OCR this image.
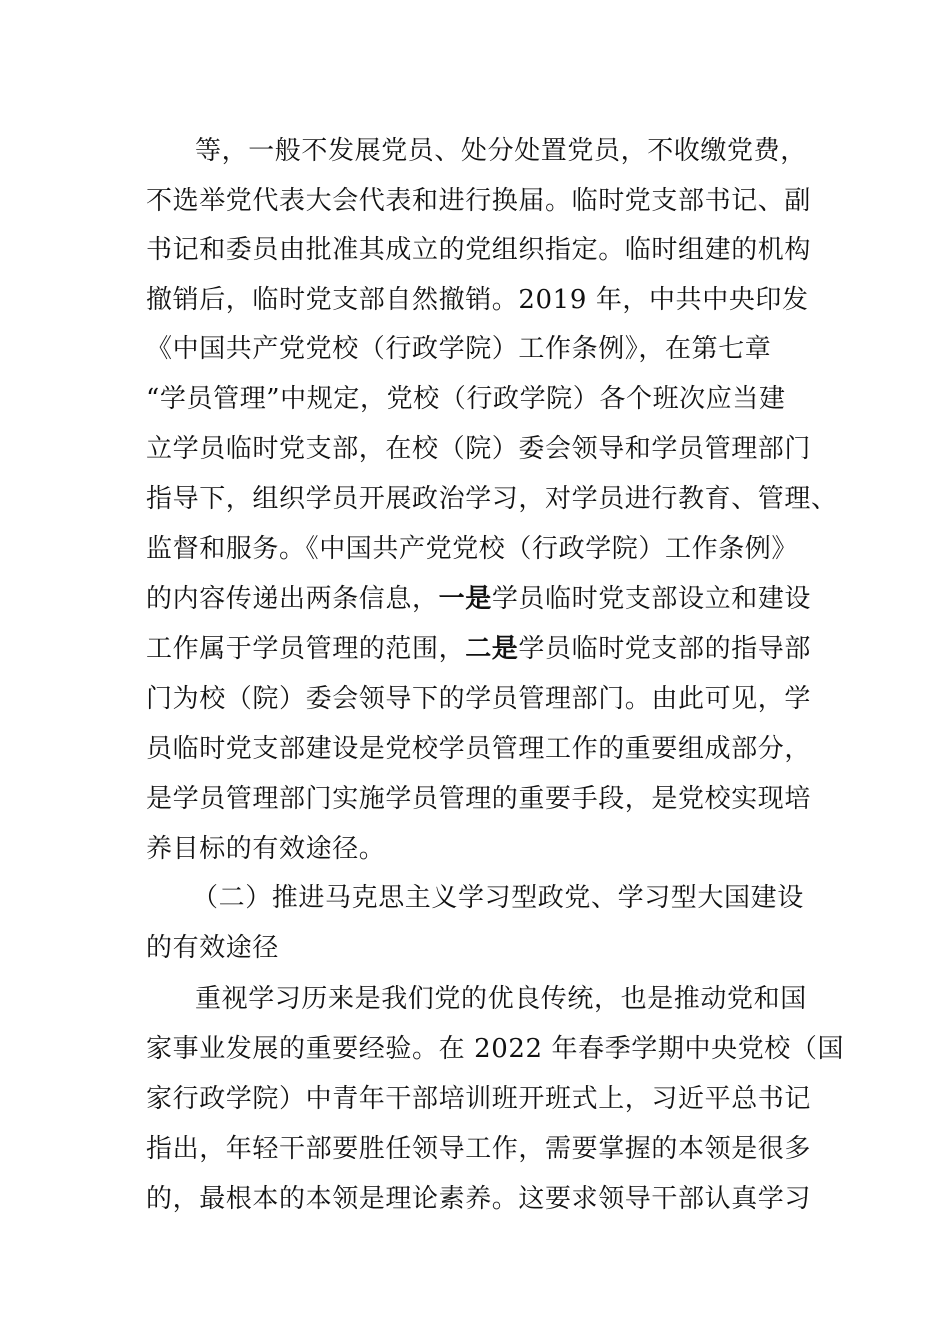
等，一般不发展党员、处分处置党员，不收缴党费，
不选举党代表大会代表和进行换届。临时党支部书记、副
书记和委员由批准其成立的党组织指定。临时组建的机构
撤销后，临时党支部自然撤销。2019 年，中共中央印发
《中国共产党党校（行政学院）工作条例》，在第七章
“学员管理”中规定，党校（行政学院）各个班次应当建
立学员临时党支部，在校（院）委会领导和学员管理部门
指导下，组织学员开展政治学习，对学员进行教育、管理、
监督和服务。《中国共产党党校（行政学院）工作条例》
的内容传递出两条信息，一是学员临时党支部设立和建设
工作属于学员管理的范围，二是学员临时党支部的指导部
门为校（院）委会领导下的学员管理部门。由此可见，学
员临时党支部建设是党校学员管理工作的重要组成部分，
是学员管理部门实施学员管理的重要手段，是党校实现培
养目标的有效途径。
（二）推进马克思主义学习型政党、学习型大国建设
的有效途径
重视学习历来是我们党的优良传统，也是推动党和国
家事业发展的重要经验。在 2022 年春季学期中央党校（国
家行政学院）中青年干部培训班开班式上，习近平总书记
指出，年轻干部要胜任领导工作，需要掌握的本领是很多
的，最根本的本领是理论素养。这要求领导干部认真学习
